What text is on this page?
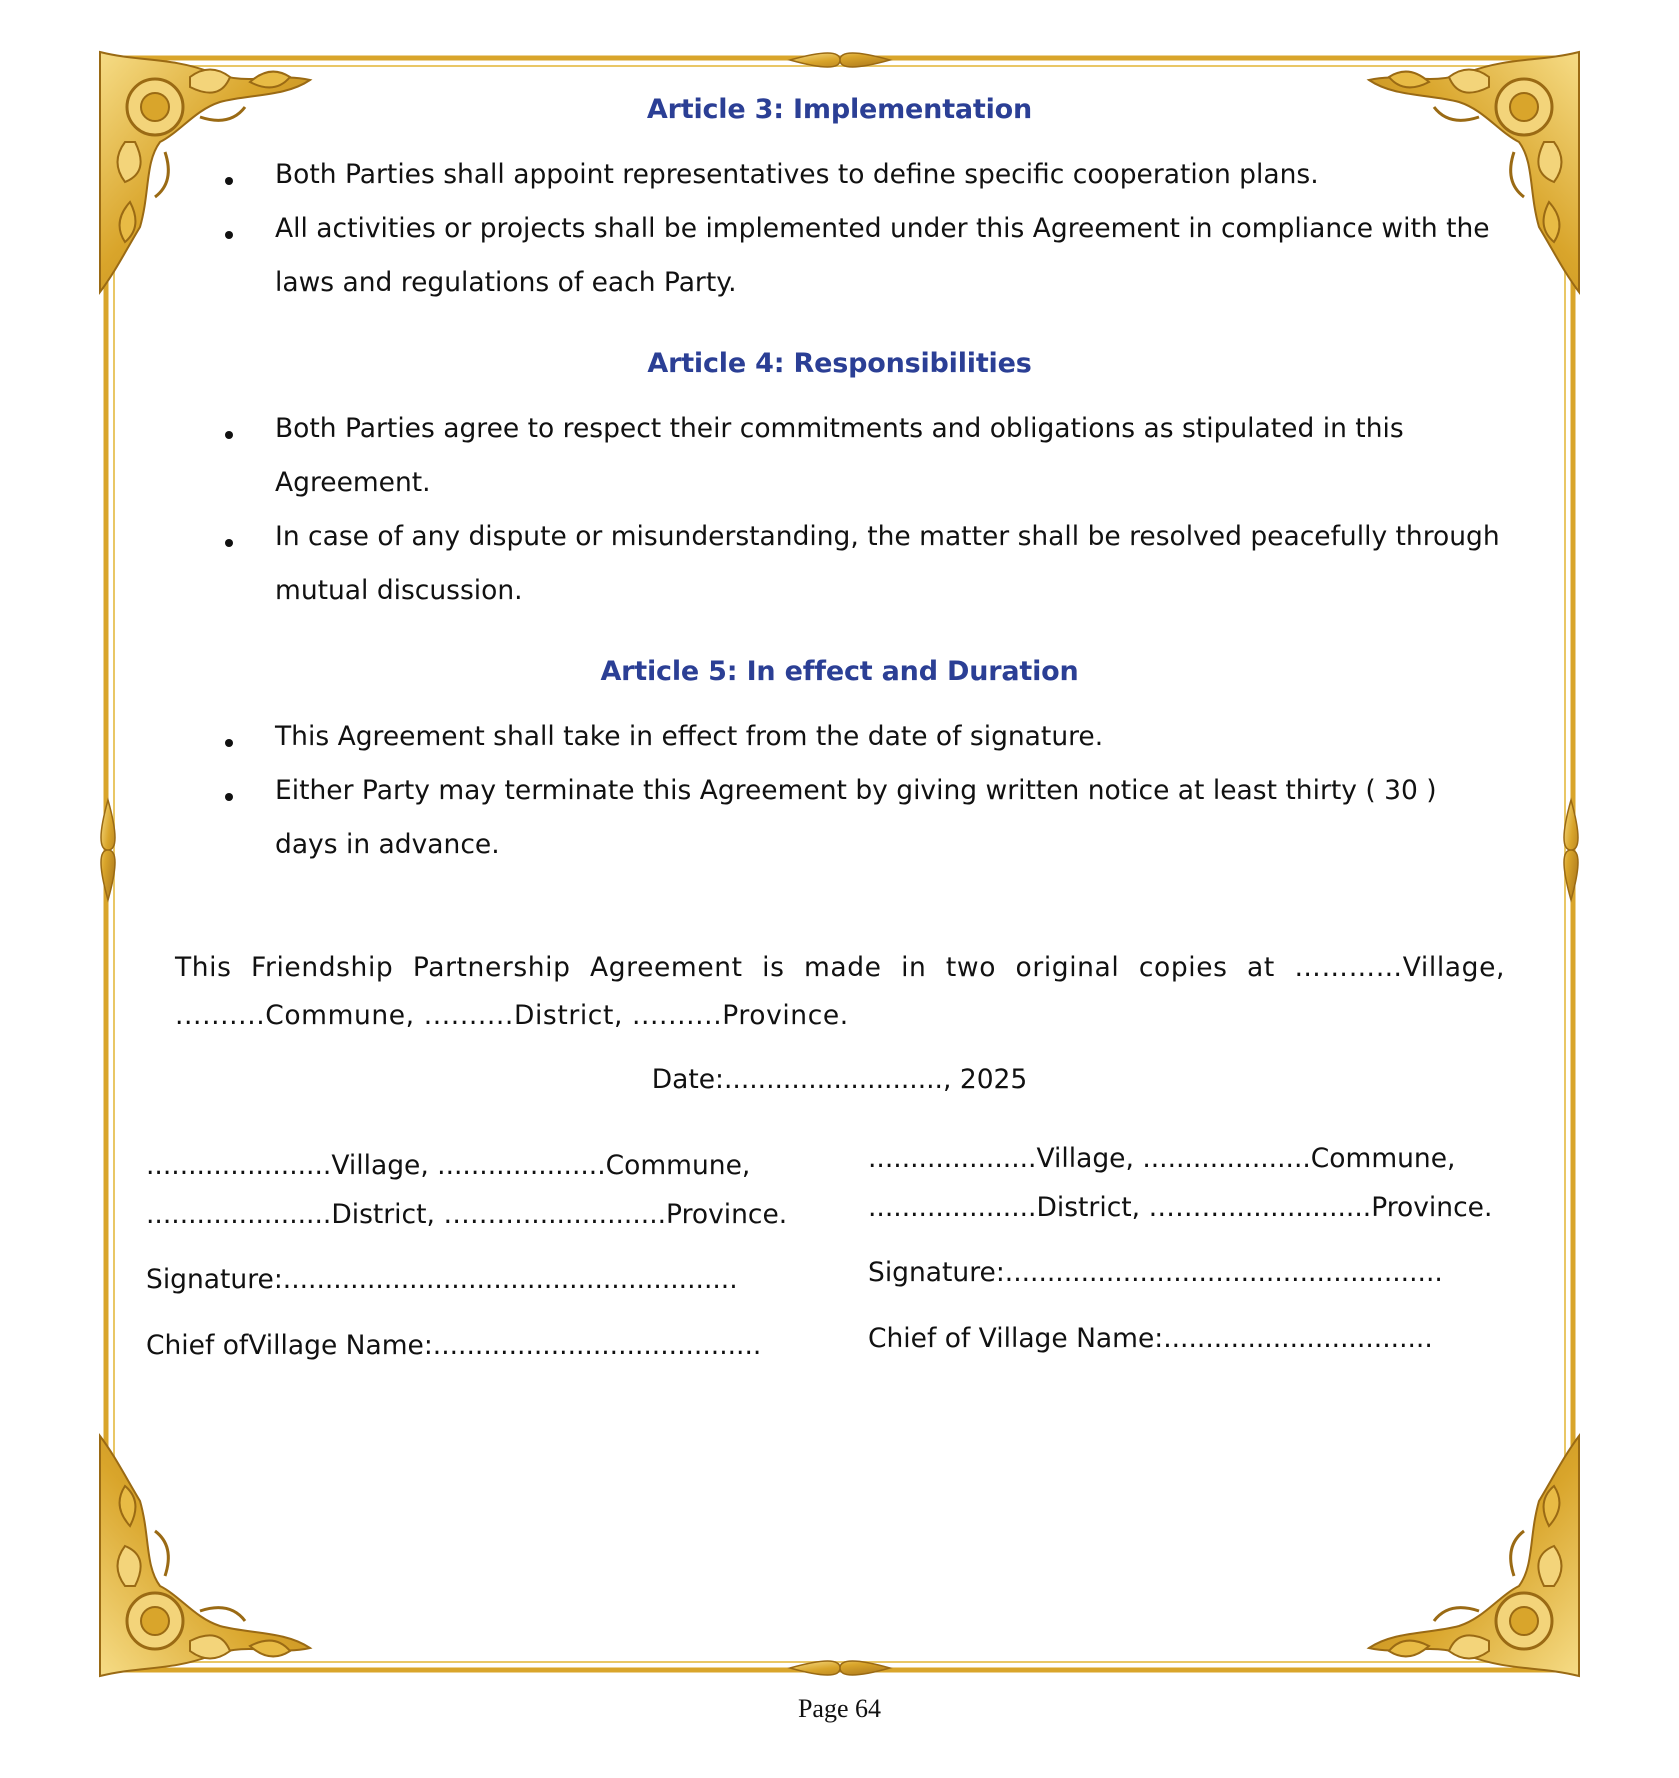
Article 3: Implementation
Both Parties shall appoint representatives to define specific cooperation plans.
All activities or projects shall be implemented under this Agreement in compliance with the laws and regulations of each Party.
Article 4: Responsibilities
Both Parties agree to respect their commitments and obligations as stipulated in this Agreement.
In case of any dispute or misunderstanding, the matter shall be resolved peacefully through mutual discussion.
Article 5: In effect and Duration
This Agreement shall take in effect from the date of signature.
Either Party may terminate this Agreement by giving written notice at least thirty ( 30 ) days in advance.
This Friendship Partnership Agreement is made in two original copies at …………Village, ..........Commune, ..........District, ..........Province.
Date:.........................., 2025
......................Village, ....................Commune,
......................District, ……….................Province.
Signature:......................................................
Chief ofVillage Name:.......................................
....................Village, ....................Commune,
....................District, ……….................Province.
Signature:....................................................
Chief of Village Name:................................
Page 64
